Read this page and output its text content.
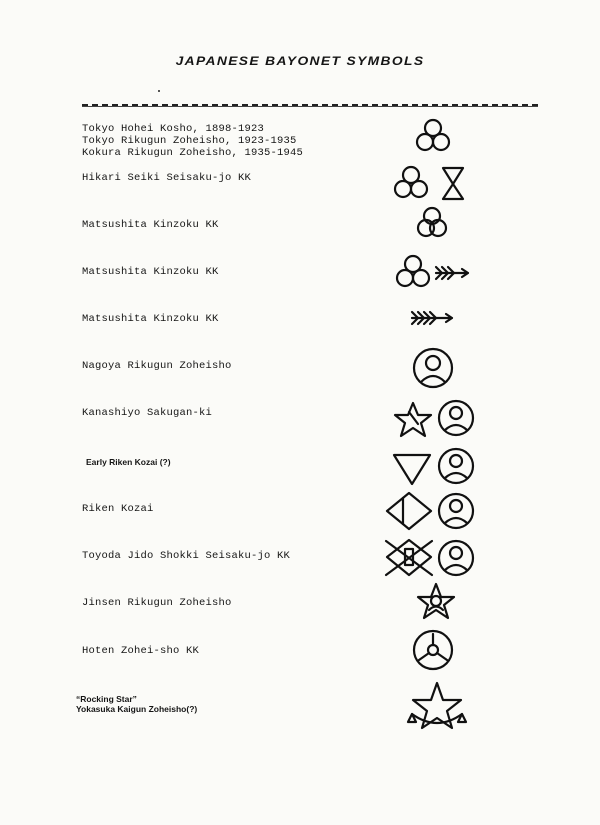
JAPANESE BAYONET SYMBOLS
Tokyo Hohei Kosho, 1898-1923
Tokyo Rikugun Zoheisho, 1923-1935
Kokura Rikugun Zoheisho, 1935-1945
Hikari Seiki Seisaku-jo KK
Matsushita Kinzoku KK
Matsushita Kinzoku KK
Matsushita Kinzoku KK
Nagoya Rikugun Zoheisho
Kanashiyo Sakugan-ki
Early Riken Kozai (?)
Riken Kozai
Toyoda Jido Shokki Seisaku-jo KK
Jinsen Rikugun Zoheisho
Hoten Zohei-sho KK
“Rocking Star”
Yokasuka Kaigun Zoheisho(?)
